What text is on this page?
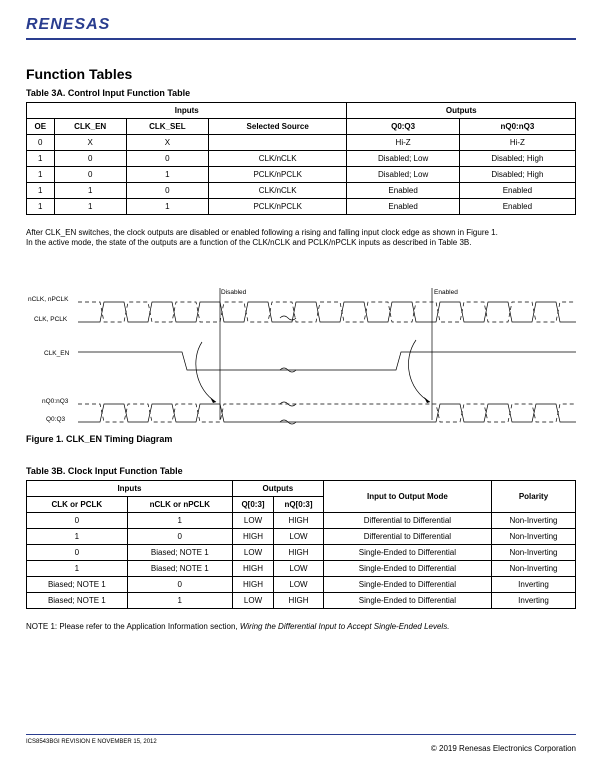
RENESAS
Function Tables
Table 3A. Control Input Function Table
Inputs				Outputs	
OE	CLK_EN	CLK_SEL	Selected Source	Q0:Q3	nQ0:nQ3
0	X	X		Hi-Z	Hi-Z
1	0	0	CLK/nCLK	Disabled; Low	Disabled; High
1	0	1	PCLK/nPCLK	Disabled; Low	Disabled; High
1	1	0	CLK/nCLK	Enabled	Enabled
1	1	1	PCLK/nPCLK	Enabled	Enabled
After CLK_EN switches, the clock outputs are disabled or enabled following a rising and falling input clock edge as shown in Figure 1.
In the active mode, the state of the outputs are a function of the CLK/nCLK and PCLK/nPCLK inputs as described in Table 3B.
nCLK, nPCLK
CLK, PCLK
CLK_EN
nQ0:nQ3
Q0:Q3
Disabled	Enabled
Figure 1. CLK_EN Timing Diagram
Table 3B. Clock Input Function Table
Inputs		Outputs		Input to Output Mode	Polarity
CLK or PCLK	nCLK or nPCLK	Q[0:3]	nQ[0:3]		
0	1	LOW	HIGH	Differential to Differential	Non-Inverting
1	0	HIGH	LOW	Differential to Differential	Non-Inverting
0	Biased; NOTE 1	LOW	HIGH	Single-Ended to Differential	Non-Inverting
1	Biased; NOTE 1	HIGH	LOW	Single-Ended to Differential	Non-Inverting
Biased; NOTE 1	0	HIGH	LOW	Single-Ended to Differential	Inverting
Biased; NOTE 1	1	LOW	HIGH	Single-Ended to Differential	Inverting
NOTE 1: Please refer to the Application Information section, Wiring the Differential Input to Accept Single-Ended Levels.
ICS8543BGI REVISION E NOVEMBER 15, 2012
© 2019 Renesas Electronics Corporation
